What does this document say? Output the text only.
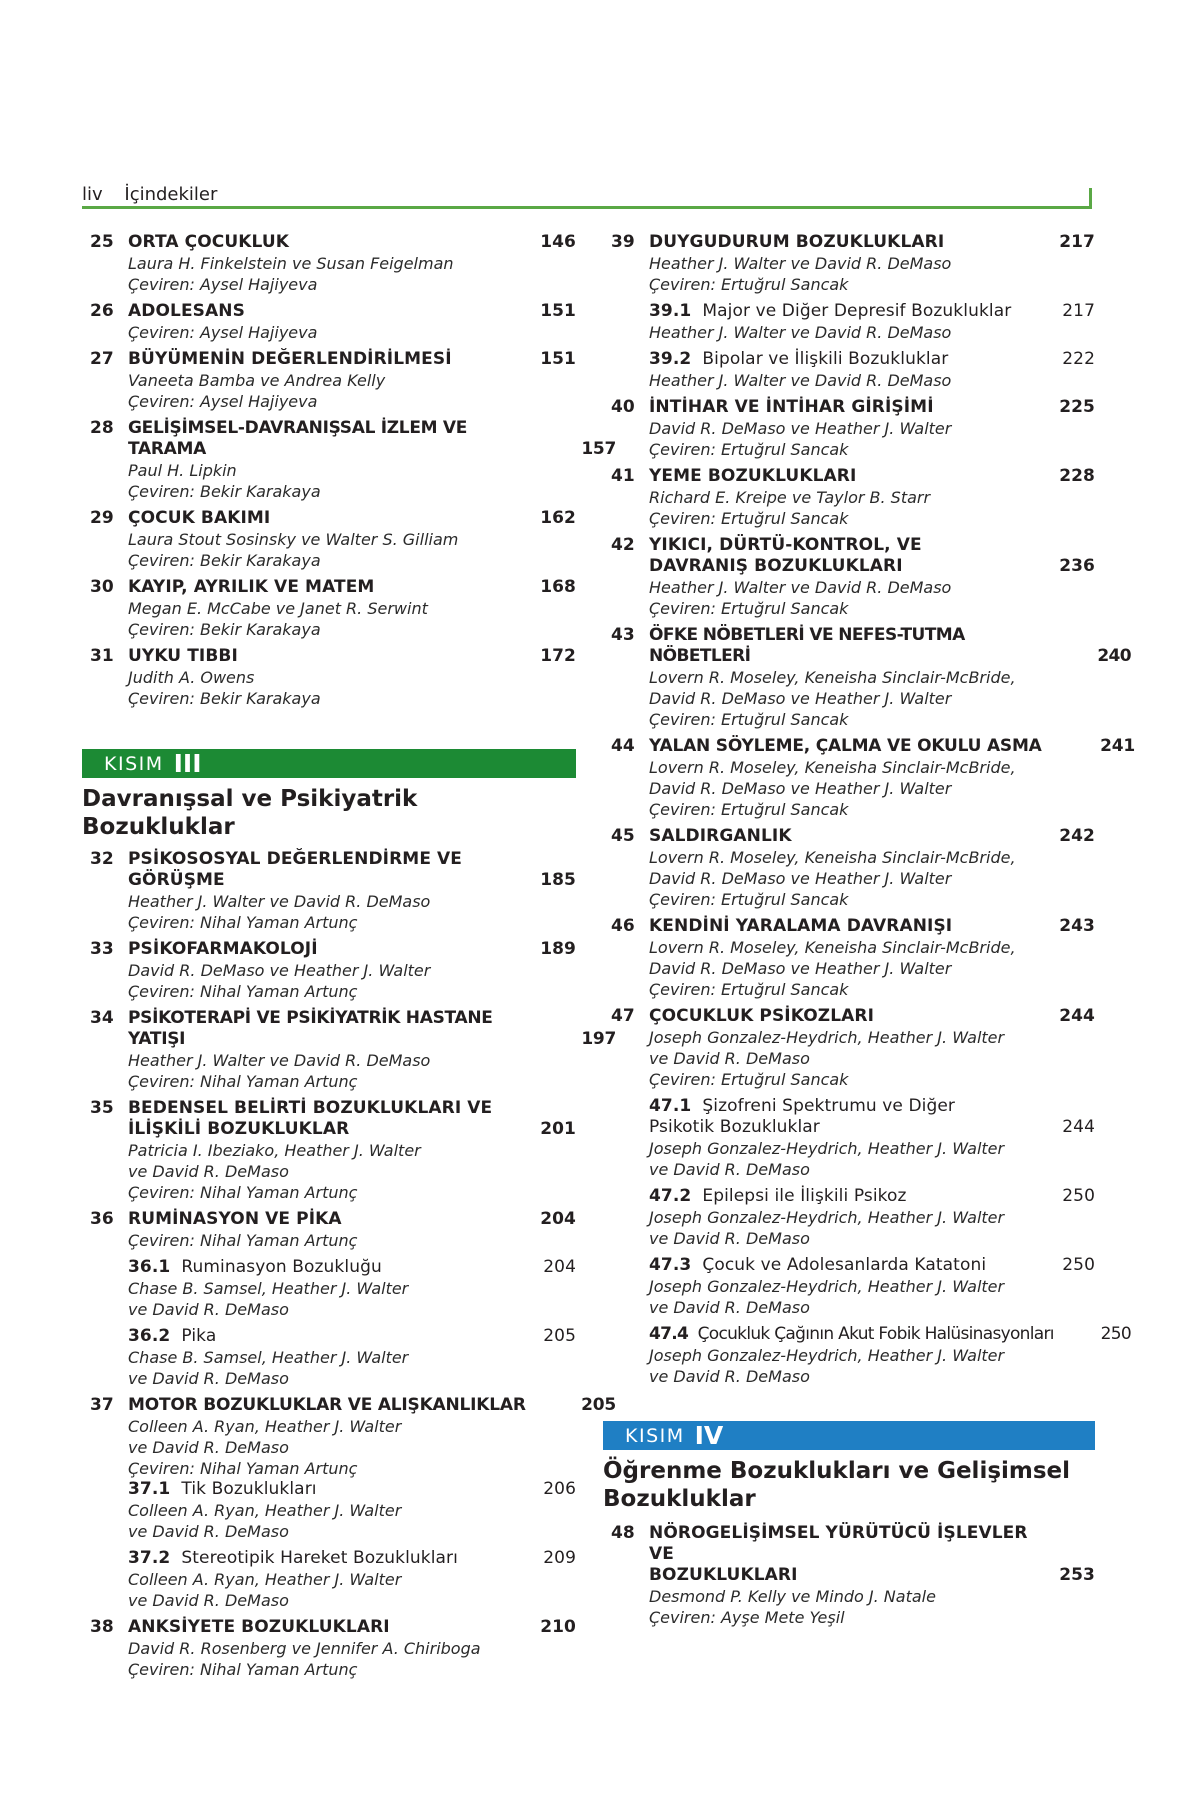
liv İçindekiler
25 ORTA ÇOCUKLUK	146
Laura H. Finkelstein ve Susan Feigelman
Çeviren: Aysel Hajiyeva
26 ADOLESANS	151
Çeviren: Aysel Hajiyeva
27 BÜYÜMENİN DEĞERLENDİRİLMESİ	151
Vaneeta Bamba ve Andrea Kelly
Çeviren: Aysel Hajiyeva
28 GELİŞİMSEL-DAVRANIŞSAL İZLEM VE TARAMA	157
Paul H. Lipkin
Çeviren: Bekir Karakaya
29 ÇOCUK BAKIMI	162
Laura Stout Sosinsky ve Walter S. Gilliam
Çeviren: Bekir Karakaya
30 KAYIP, AYRILIK VE MATEM	168
Megan E. McCabe ve Janet R. Serwint
Çeviren: Bekir Karakaya
31 UYKU TIBBI	172
Judith A. Owens
Çeviren: Bekir Karakaya
KISIM III
Davranışsal ve Psikiyatrik Bozukluklar
32 PSİKOSOSYAL DEĞERLENDİRME VE
GÖRÜŞME	185
Heather J. Walter ve David R. DeMaso
Çeviren: Nihal Yaman Artunç
33 PSİKOFARMAKOLOJİ	189
David R. DeMaso ve Heather J. Walter
Çeviren: Nihal Yaman Artunç
34 PSİKOTERAPİ VE PSİKİYATRİK HASTANE YATIŞI	197
Heather J. Walter ve David R. DeMaso
Çeviren: Nihal Yaman Artunç
35 BEDENSEL BELİRTİ BOZUKLUKLARI VE
İLİŞKİLİ BOZUKLUKLAR	201
Patricia I. Ibeziako, Heather J. Walter
ve David R. DeMaso
Çeviren: Nihal Yaman Artunç
36 RUMİNASYON VE PİKA	204
Çeviren: Nihal Yaman Artunç
36.1 Ruminasyon Bozukluğu	204
Chase B. Samsel, Heather J. Walter
ve David R. DeMaso
36.2 Pika	205
Chase B. Samsel, Heather J. Walter
ve David R. DeMaso
37 MOTOR BOZUKLUKLAR VE ALIŞKANLIKLAR	205
Colleen A. Ryan, Heather J. Walter
ve David R. DeMaso
Çeviren: Nihal Yaman Artunç
37.1 Tik Bozuklukları	206
Colleen A. Ryan, Heather J. Walter
ve David R. DeMaso
37.2 Stereotipik Hareket Bozuklukları	209
Colleen A. Ryan, Heather J. Walter
ve David R. DeMaso
38 ANKSİYETE BOZUKLUKLARI	210
David R. Rosenberg ve Jennifer A. Chiriboga
Çeviren: Nihal Yaman Artunç
39 DUYGUDURUM BOZUKLUKLARI	217
Heather J. Walter ve David R. DeMaso
Çeviren: Ertuğrul Sancak
39.1 Major ve Diğer Depresif Bozukluklar	217
Heather J. Walter ve David R. DeMaso
39.2 Bipolar ve İlişkili Bozukluklar	222
Heather J. Walter ve David R. DeMaso
40 İNTİHAR VE İNTİHAR GİRİŞİMİ	225
David R. DeMaso ve Heather J. Walter
Çeviren: Ertuğrul Sancak
41 YEME BOZUKLUKLARI	228
Richard E. Kreipe ve Taylor B. Starr
Çeviren: Ertuğrul Sancak
42 YIKICI, DÜRTÜ-KONTROL, VE
DAVRANIŞ BOZUKLUKLARI	236
Heather J. Walter ve David R. DeMaso
Çeviren: Ertuğrul Sancak
43 ÖFKE NÖBETLERİ VE NEFES-TUTMA NÖBETLERİ	240
Lovern R. Moseley, Keneisha Sinclair-McBride,
David R. DeMaso ve Heather J. Walter
Çeviren: Ertuğrul Sancak
44 YALAN SÖYLEME, ÇALMA VE OKULU ASMA	241
Lovern R. Moseley, Keneisha Sinclair-McBride,
David R. DeMaso ve Heather J. Walter
Çeviren: Ertuğrul Sancak
45 SALDIRGANLIK	242
Lovern R. Moseley, Keneisha Sinclair-McBride,
David R. DeMaso ve Heather J. Walter
Çeviren: Ertuğrul Sancak
46 KENDİNİ YARALAMA DAVRANIŞI	243
Lovern R. Moseley, Keneisha Sinclair-McBride,
David R. DeMaso ve Heather J. Walter
Çeviren: Ertuğrul Sancak
47 ÇOCUKLUK PSİKOZLARI	244
Joseph Gonzalez-Heydrich, Heather J. Walter
ve David R. DeMaso
Çeviren: Ertuğrul Sancak
47.1 Şizofreni Spektrumu ve Diğer
Psikotik Bozukluklar	244
Joseph Gonzalez-Heydrich, Heather J. Walter
ve David R. DeMaso
47.2 Epilepsi ile İlişkili Psikoz	250
Joseph Gonzalez-Heydrich, Heather J. Walter
ve David R. DeMaso
47.3 Çocuk ve Adolesanlarda Katatoni	250
Joseph Gonzalez-Heydrich, Heather J. Walter
ve David R. DeMaso
47.4 Çocukluk Çağının Akut Fobik Halüsinasyonları	250
Joseph Gonzalez-Heydrich, Heather J. Walter
ve David R. DeMaso
KISIM IV
Öğrenme Bozuklukları ve Gelişimsel
Bozukluklar
48 NÖROGELİŞİMSEL YÜRÜTÜCÜ İŞLEVLER VE
BOZUKLUKLARI	253
Desmond P. Kelly ve Mindo J. Natale
Çeviren: Ayşe Mete Yeşil
